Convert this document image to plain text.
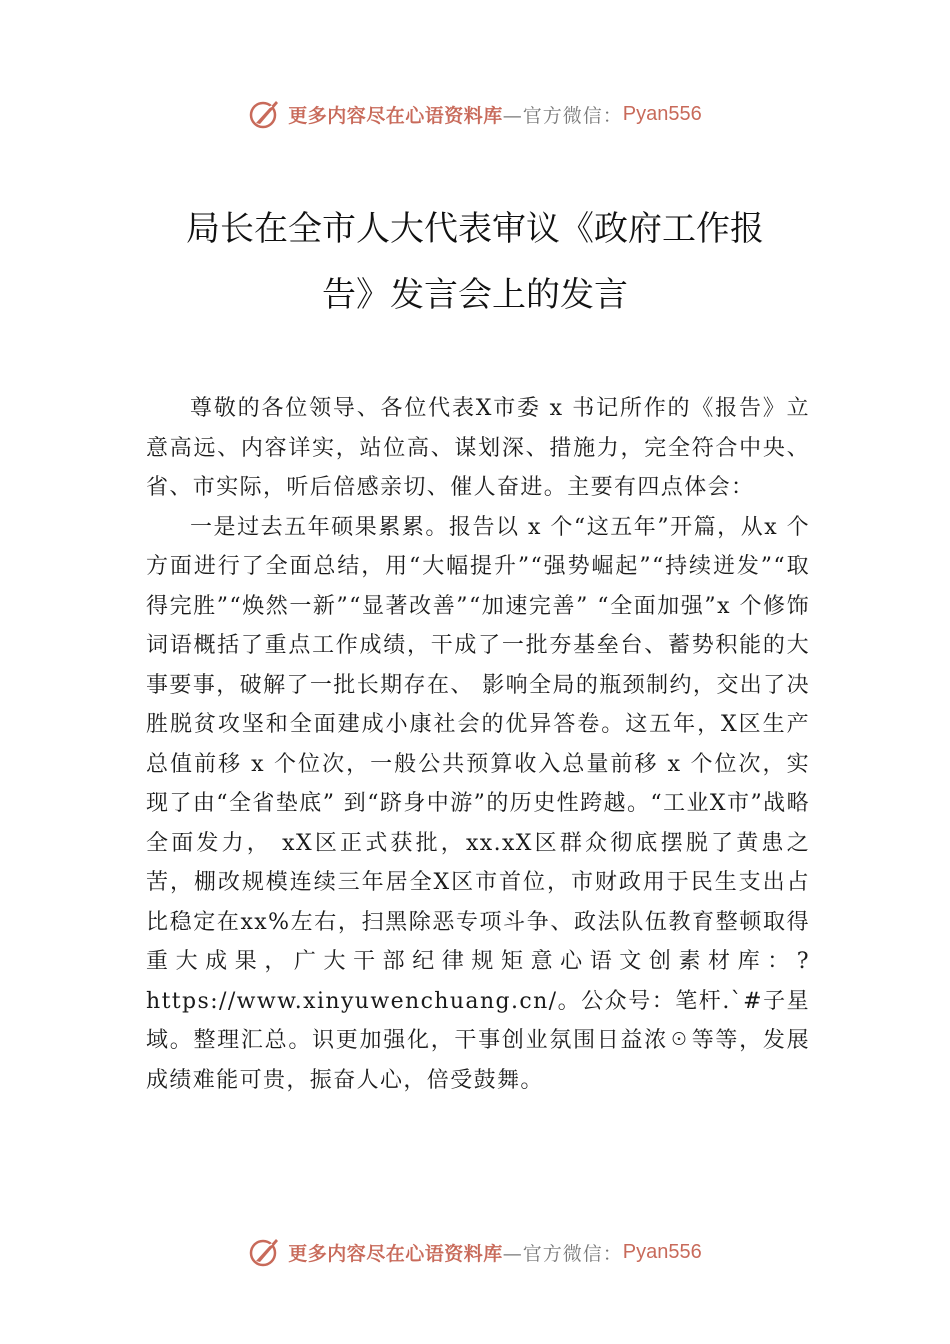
更多内容尽在心语资料库 —官方微信： Pyan556
局长在全市人大代表审议《政府工作报
告》发言会上的发言

尊敬的各位领导、各位代表X市委 x 书记所作的《报告》立意高远、内容详实，站位高、谋划深、措施力，完全符合中央、省、市实际，听后倍感亲切、催人奋进。主要有四点体会：

一是过去五年硕果累累。报告以 x 个“这五年”开篇，从x 个方面进行了全面总结，用“大幅提升”“强势崛起”“持续迸发”“取得完胜”“焕然一新”“显著改善”“加速完善” “全面加强”x 个修饰词语概括了重点工作成绩，干成了一批夯基垒台、蓄势积能的大事要事，破解了一批长期存在、 影响全局的瓶颈制约，交出了决胜脱贫攻坚和全面建成小康社会的优异答卷。这五年，X区生产总值前移 x 个位次，一般公共预算收入总量前移 x 个位次，实现了由“全省垫底” 到“跻身中游”的历史性跨越。“工业X市”战略全面发力， xX区正式获批，xx.xX区群众彻底摆脱了黄患之苦，棚改规模连续三年居全X区市首位，市财政用于民生支出占比稳定在xx%左右，扫黑除恶专项斗争、政法队伍教育整顿取得重大成果，广大干部纪律规矩意心语文创素材库：?https://www.xinyuwenchuang.cn/。公众号：笔杆.`#子星域。整理汇总。识更加强化，干事创业氛围日益浓☉等等，发展成绩难能可贵，振奋人心，倍受鼓舞。

更多内容尽在心语资料库 —官方微信： Pyan556
